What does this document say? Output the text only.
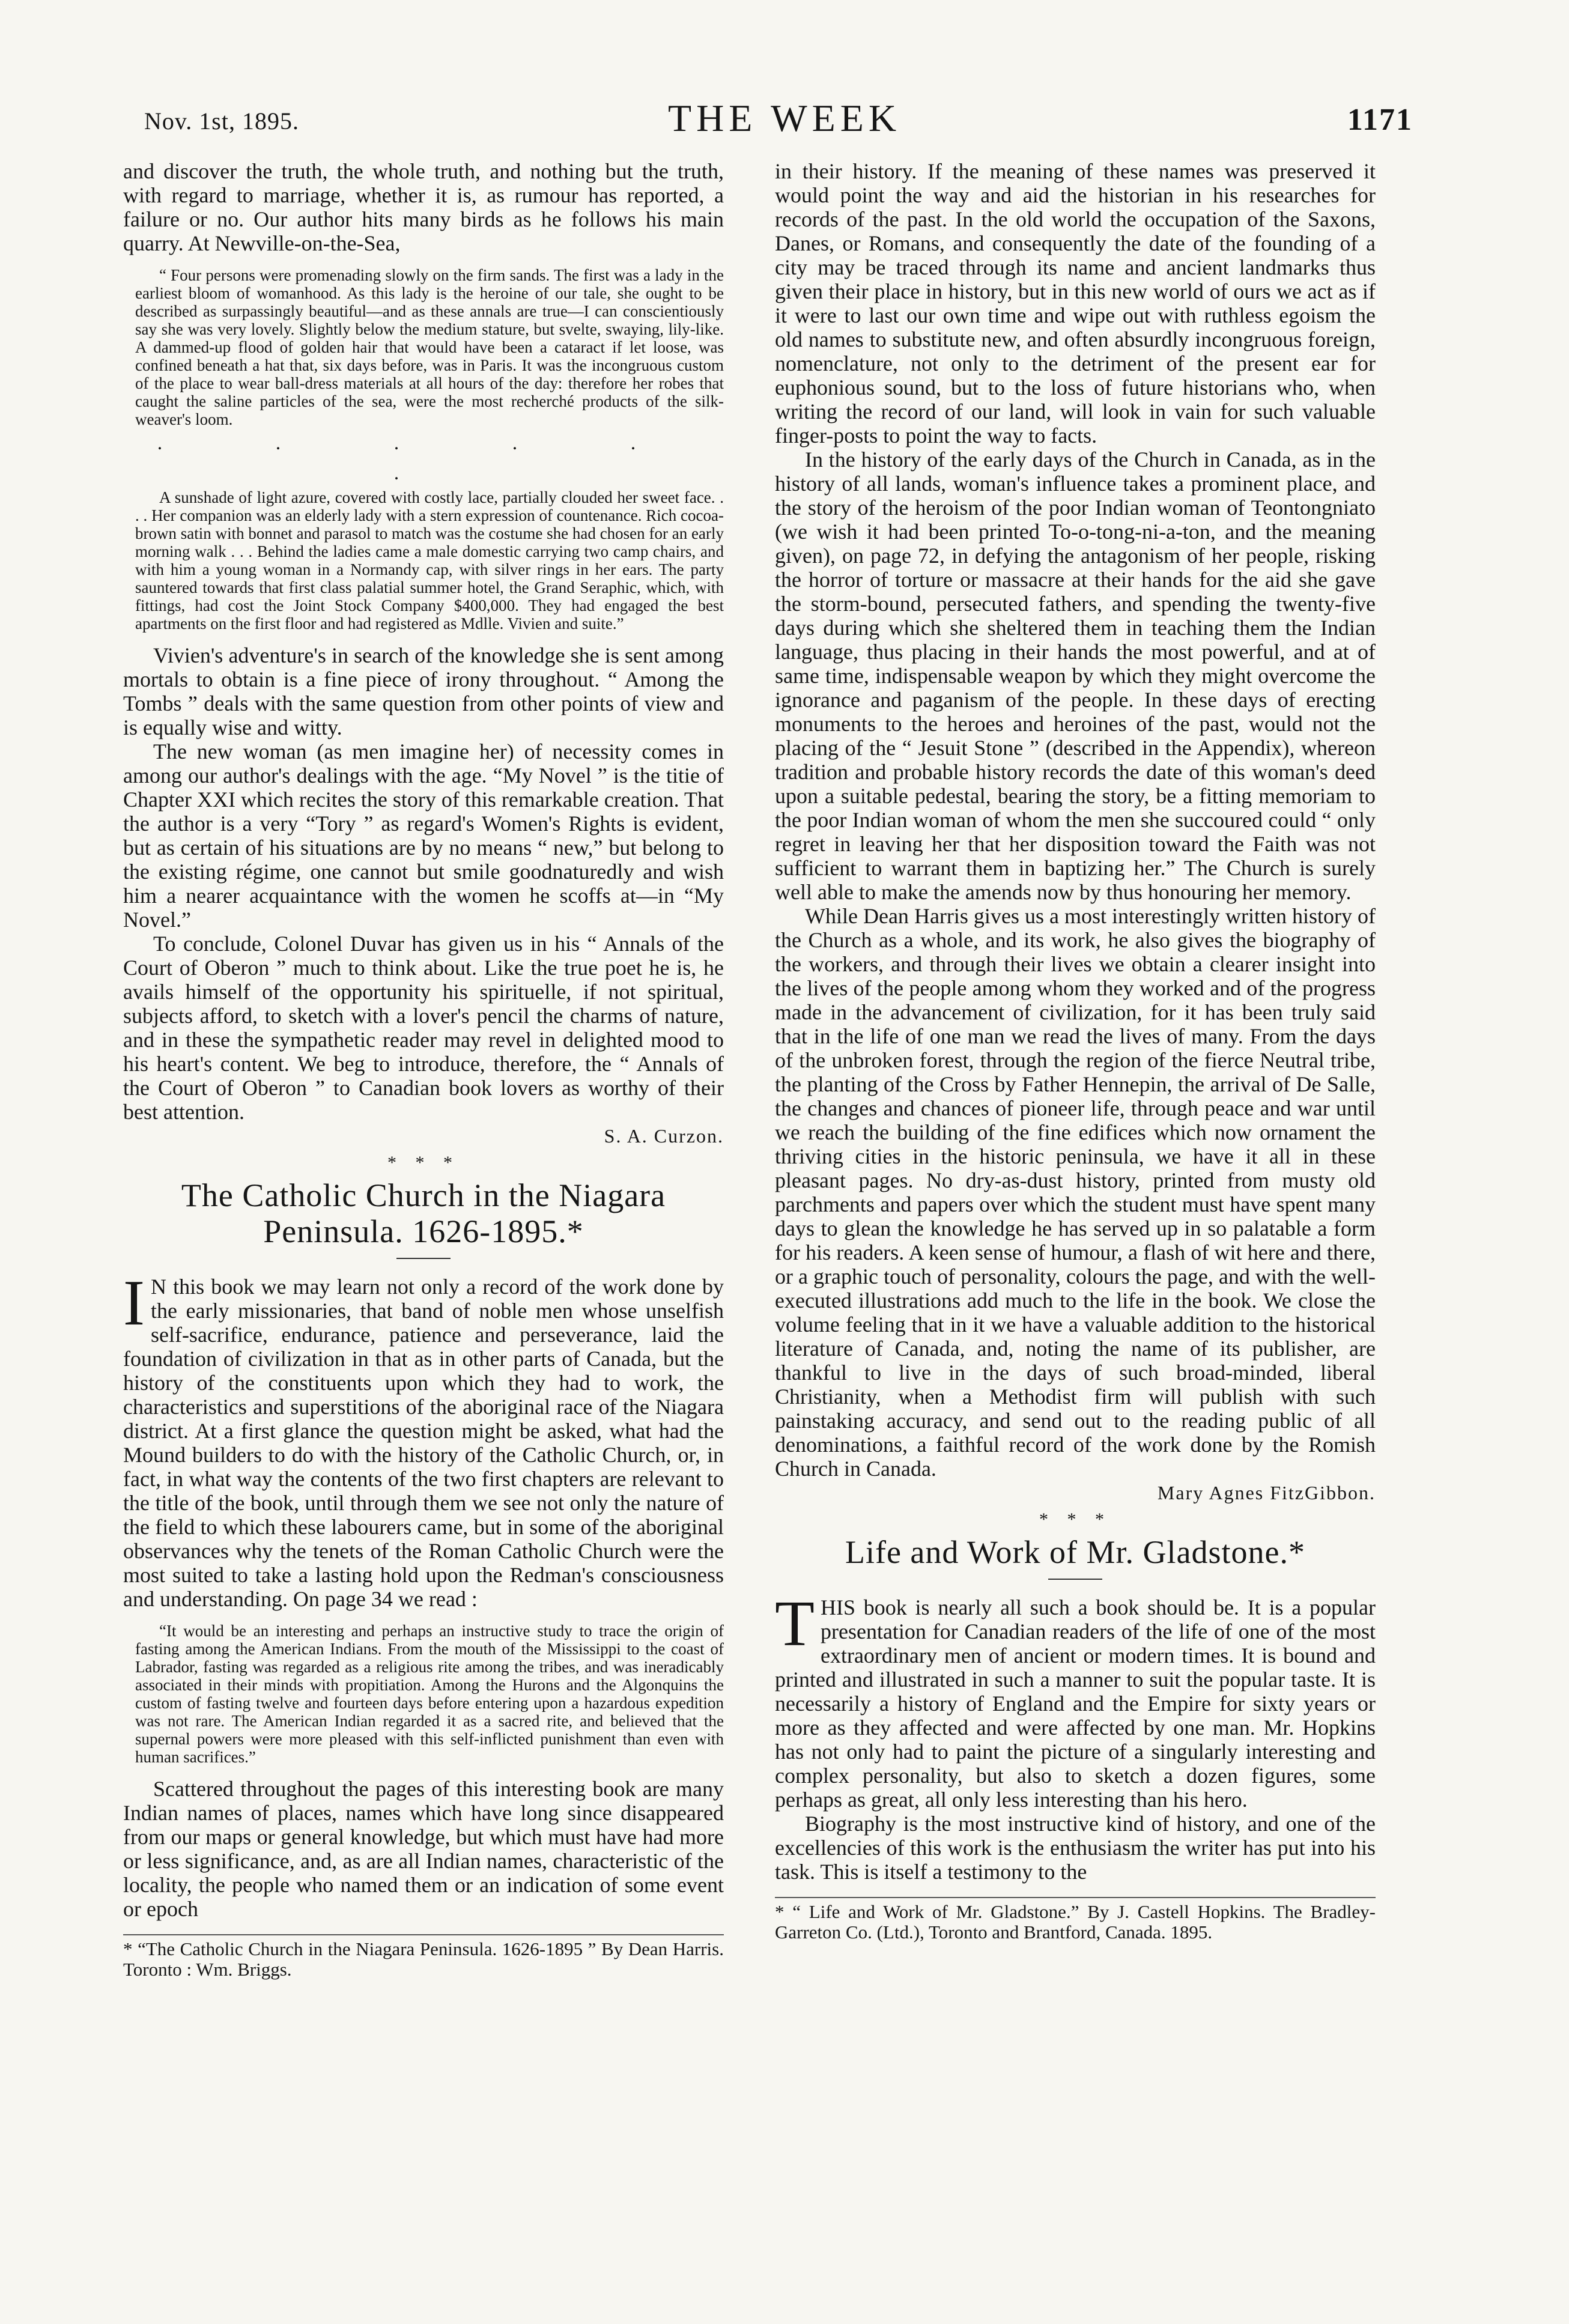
Nov. 1st, 1895.	THE WEEK	1171

and discover the truth, the whole truth, and nothing but the truth, with regard to marriage, whether it is, as rumour has reported, a failure or no. Our author hits many birds as he follows his main quarry. At Newville-on-the-Sea,

“ Four persons were promenading slowly on the firm sands. The first was a lady in the earliest bloom of womanhood. As this lady is the heroine of our tale, she ought to be described as surpassingly beautiful—and as these annals are true—I can conscientiously say she was very lovely. Slightly below the medium stature, but svelte, swaying, lily-like. A dammed-up flood of golden hair that would have been a cataract if let loose, was confined beneath a hat that, six days before, was in Paris. It was the incongruous custom of the place to wear ball-dress materials at all hours of the day: therefore her robes that caught the saline particles of the sea, were the most recherché products of the silk-weaver's loom.

. . . . . .

A sunshade of light azure, covered with costly lace, partially clouded her sweet face. . . . Her companion was an elderly lady with a stern expression of countenance. Rich cocoa-brown satin with bonnet and parasol to match was the costume she had chosen for an early morning walk . . . Behind the ladies came a male domestic carrying two camp chairs, and with him a young woman in a Normandy cap, with silver rings in her ears. The party sauntered towards that first class palatial summer hotel, the Grand Seraphic, which, with fittings, had cost the Joint Stock Company $400,000. They had engaged the best apartments on the first floor and had registered as Mdlle. Vivien and suite.”

Vivien's adventure's in search of the knowledge she is sent among mortals to obtain is a fine piece of irony throughout. “ Among the Tombs ” deals with the same question from other points of view and is equally wise and witty.

The new woman (as men imagine her) of necessity comes in among our author's dealings with the age. “My Novel ” is the titie of Chapter XXI which recites the story of this remarkable creation. That the author is a very “Tory ” as regard's Women's Rights is evident, but as certain of his situations are by no means “ new,” but belong to the existing régime, one cannot but smile goodnaturedly and wish him a nearer acquaintance with the women he scoffs at—in “My Novel.”

To conclude, Colonel Duvar has given us in his “ Annals of the Court of Oberon ” much to think about. Like the true poet he is, he avails himself of the opportunity his spirituelle, if not spiritual, subjects afford, to sketch with a lover's pencil the charms of nature, and in these the sympathetic reader may revel in delighted mood to his heart's content. We beg to introduce, therefore, the “ Annals of the Court of Oberon ” to Canadian book lovers as worthy of their best attention.

S. A. Curzon.
* * *
The Catholic Church in the Niagara Peninsula. 1626-1895.*

I N this book we may learn not only a record of the work done by the early missionaries, that band of noble men whose unselfish self-sacrifice, endurance, patience and perseverance, laid the foundation of civilization in that as in other parts of Canada, but the history of the constituents upon which they had to work, the characteristics and superstitions of the aboriginal race of the Niagara district. At a first glance the question might be asked, what had the Mound builders to do with the history of the Catholic Church, or, in fact, in what way the contents of the two first chapters are relevant to the title of the book, until through them we see not only the nature of the field to which these labourers came, but in some of the aboriginal observances why the tenets of the Roman Catholic Church were the most suited to take a lasting hold upon the Redman's consciousness and understanding. On page 34 we read :

“It would be an interesting and perhaps an instructive study to trace the origin of fasting among the American Indians. From the mouth of the Mississippi to the coast of Labrador, fasting was regarded as a religious rite among the tribes, and was ineradicably associated in their minds with propitiation. Among the Hurons and the Algonquins the custom of fasting twelve and fourteen days before entering upon a hazardous expedition was not rare. The American Indian regarded it as a sacred rite, and believed that the supernal powers were more pleased with this self-inflicted punishment than even with human sacrifices.”

Scattered throughout the pages of this interesting book are many Indian names of places, names which have long since disappeared from our maps or general knowledge, but which must have had more or less significance, and, as are all Indian names, characteristic of the locality, the people who named them or an indication of some event or epoch

* “The Catholic Church in the Niagara Peninsula. 1626-1895 ” By Dean Harris. Toronto : Wm. Briggs.

in their history. If the meaning of these names was preserved it would point the way and aid the historian in his researches for records of the past. In the old world the occupation of the Saxons, Danes, or Romans, and consequently the date of the founding of a city may be traced through its name and ancient landmarks thus given their place in history, but in this new world of ours we act as if it were to last our own time and wipe out with ruthless egoism the old names to substitute new, and often absurdly incongruous foreign, nomenclature, not only to the detriment of the present ear for euphonious sound, but to the loss of future historians who, when writing the record of our land, will look in vain for such valuable finger-posts to point the way to facts.

In the history of the early days of the Church in Canada, as in the history of all lands, woman's influence takes a prominent place, and the story of the heroism of the poor Indian woman of Teontongniato (we wish it had been printed To-o-tong-ni-a-ton, and the meaning given), on page 72, in defying the antagonism of her people, risking the horror of torture or massacre at their hands for the aid she gave the storm-bound, persecuted fathers, and spending the twenty-five days during which she sheltered them in teaching them the Indian language, thus placing in their hands the most powerful, and at of same time, indispensable weapon by which they might overcome the ignorance and paganism of the people. In these days of erecting monuments to the heroes and heroines of the past, would not the placing of the “ Jesuit Stone ” (described in the Appendix), whereon tradition and probable history records the date of this woman's deed upon a suitable pedestal, bearing the story, be a fitting memoriam to the poor Indian woman of whom the men she succoured could “ only regret in leaving her that her disposition toward the Faith was not sufficient to warrant them in baptizing her.” The Church is surely well able to make the amends now by thus honouring her memory.

While Dean Harris gives us a most interestingly written history of the Church as a whole, and its work, he also gives the biography of the workers, and through their lives we obtain a clearer insight into the lives of the people among whom they worked and of the progress made in the advancement of civilization, for it has been truly said that in the life of one man we read the lives of many. From the days of the unbroken forest, through the region of the fierce Neutral tribe, the planting of the Cross by Father Hennepin, the arrival of De Salle, the changes and chances of pioneer life, through peace and war until we reach the building of the fine edifices which now ornament the thriving cities in the historic peninsula, we have it all in these pleasant pages. No dry-as-dust history, printed from musty old parchments and papers over which the student must have spent many days to glean the knowledge he has served up in so palatable a form for his readers. A keen sense of humour, a flash of wit here and there, or a graphic touch of personality, colours the page, and with the well-executed illustrations add much to the life in the book. We close the volume feeling that in it we have a valuable addition to the historical literature of Canada, and, noting the name of its publisher, are thankful to live in the days of such broad-minded, liberal Christianity, when a Methodist firm will publish with such painstaking accuracy, and send out to the reading public of all denominations, a faithful record of the work done by the Romish Church in Canada.

Mary Agnes FitzGibbon.
* * *
Life and Work of Mr. Gladstone.*

THIS book is nearly all such a book should be. It is a popular presentation for Canadian readers of the life of one of the most extraordinary men of ancient or modern times. It is bound and printed and illustrated in such a manner to suit the popular taste. It is necessarily a history of England and the Empire for sixty years or more as they affected and were affected by one man. Mr. Hopkins has not only had to paint the picture of a singularly interesting and complex personality, but also to sketch a dozen figures, some perhaps as great, all only less interesting than his hero.

Biography is the most instructive kind of history, and one of the excellencies of this work is the enthusiasm the writer has put into his task. This is itself a testimony to the

* “ Life and Work of Mr. Gladstone.” By J. Castell Hopkins. The Bradley-Garreton Co. (Ltd.), Toronto and Brantford, Canada. 1895.
